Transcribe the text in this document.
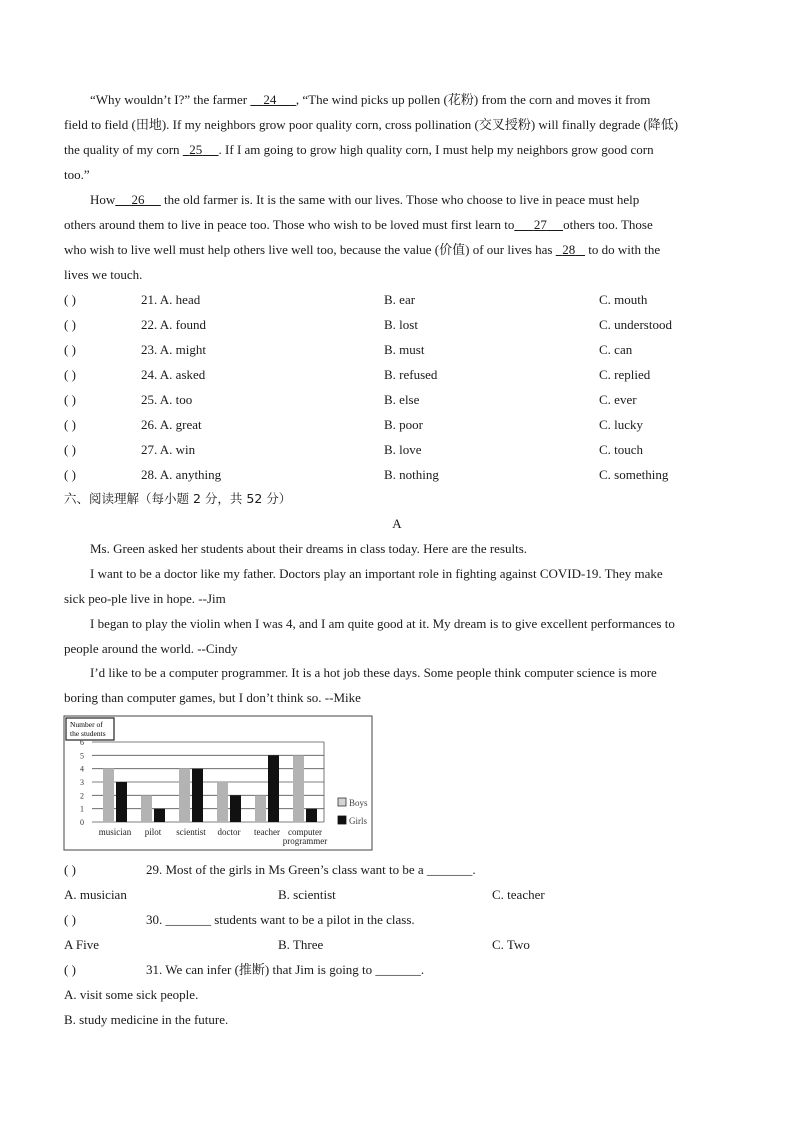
“Why wouldn’t I?” the farmer     24 , “The wind picks up pollen (花粉) from the corn and moves it from
field to field (田地). If my neighbors grow poor quality corn, cross pollination (交叉授粉) will finally degrade (降低)
the quality of my corn   25 . If I am going to grow high quality corn, I must help my neighbors grow good corn
too.”
How 26      the old farmer is. It is the same with our lives. Those who choose to live in peace must help
others around them to live in peace too. Those who wish to be loved must first learn to 27 others too. Those
who wish to live well must help others live well too, because the value (价值) of our lives has   28    to do with the
lives we touch.
( )	21. A. head	B. ear	C. mouth
( )	22. A. found	B. lost	C. understood
( )	23. A. might	B. must	C. can
( )	24. A. asked	B. refused	C. replied
( )	25. A. too	B. else	C. ever
( )	26. A. great	B. poor	C. lucky
( )	27. A. win	B. love	C. touch
( )	28. A. anything	B. nothing	C. something
六、阅读理解（每小题 2 分，共 52 分）
A
Ms. Green asked her students about their dreams in class today. Here are the results.
I want to be a doctor like my father. Doctors play an important role in fighting against COVID-19. They make
sick peo-ple live in hope. --Jim
I began to play the violin when I was 4, and I am quite good at it. My dream is to give excellent performances to
people around the world. --Cindy
I’d like to be a computer programmer. It is a hot job these days. Some people think computer science is more
boring than computer games, but I don’t think so. --Mike
Number of
the students
0
1
2
3
4
5
6
musician pilot scientist doctor teacher computer
programmer
Boys
Girls
( )	29. Most of the girls in Ms Green’s class want to be a _______.
A. musician	B. scientist	C. teacher
( )	30. _______ students want to be a pilot in the class.
A Five	B. Three	C. Two
( )	31. We can infer (推断) that Jim is going to _______.
A. visit some sick people.
B. study medicine in the future.
